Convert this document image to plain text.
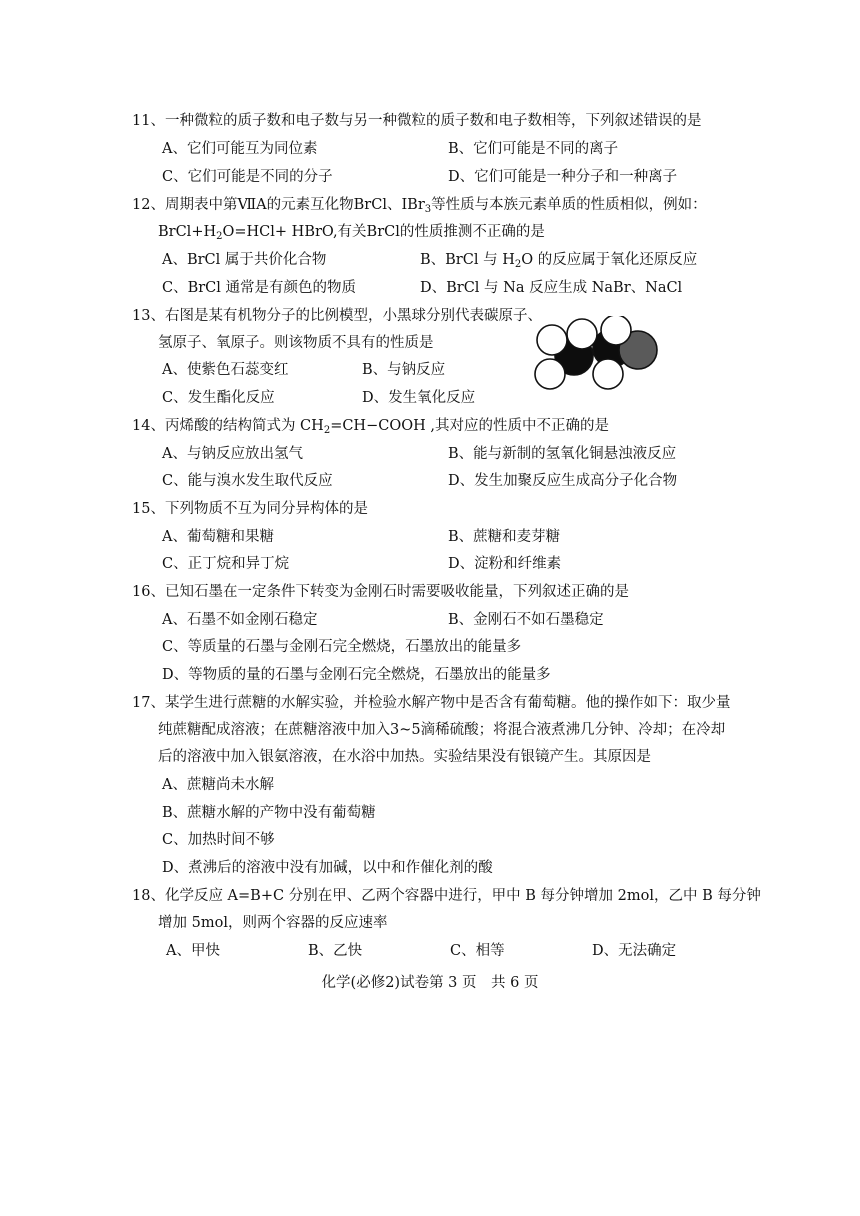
11、一种微粒的质子数和电子数与另一种微粒的质子数和电子数相等，下列叙述错误的是
A、它们可能互为同位素	B、它们可能是不同的离子
C、它们可能是不同的分子	D、它们可能是一种分子和一种离子
12、周期表中第ⅦA的元素互化物BrCl、IBr$_3$等性质与本族元素单质的性质相似，例如：
$BrCl+H_2O=HCl+$ HBrO,有关BrCl的性质推测不正确的是
A、BrCl 属于共价化合物	B、BrCl 与 $H_2O$ 的反应属于氧化还原反应
C、BrCl 通常是有颜色的物质	D、BrCl 与 Na 反应生成 NaBr、NaCl
13、右图是某有机物分子的比例模型，小黑球分别代表碳原子、
氢原子、氧原子。则该物质不具有的性质是
A、使紫色石蕊变红	B、与钠反应
C、发生酯化反应	D、发生氧化反应
14、丙烯酸的结构简式为 $CH_2=CH-COOH$ ,其对应的性质中不正确的是
A、与钠反应放出氢气	B、能与新制的氢氧化铜悬浊液反应
C、能与溴水发生取代反应	D、发生加聚反应生成高分子化合物
15、下列物质不互为同分异构体的是
A、葡萄糖和果糖	B、蔗糖和麦芽糖
C、正丁烷和异丁烷	D、淀粉和纤维素
16、已知石墨在一定条件下转变为金刚石时需要吸收能量，下列叙述正确的是
A、石墨不如金刚石稳定	B、金刚石不如石墨稳定
C、等质量的石墨与金刚石完全燃烧，石墨放出的能量多
D、等物质的量的石墨与金刚石完全燃烧，石墨放出的能量多
17、某学生进行蔗糖的水解实验，并检验水解产物中是否含有葡萄糖。他的操作如下：取少量
纯蔗糖配成溶液；在蔗糖溶液中加入3~5滴稀硫酸；将混合液煮沸几分钟、冷却；在冷却
后的溶液中加入银氨溶液，在水浴中加热。实验结果没有银镜产生。其原因是
A、蔗糖尚未水解
B、蔗糖水解的产物中没有葡萄糖
C、加热时间不够
D、煮沸后的溶液中没有加碱，以中和作催化剂的酸
18、化学反应 A=B+C 分别在甲、乙两个容器中进行，甲中 B 每分钟增加 2mol，乙中 B 每分钟
增加 5mol，则两个容器的反应速率
A、甲快	B、乙快	C、相等	D、无法确定
化学(必修2)试卷第 3 页　共 6 页
